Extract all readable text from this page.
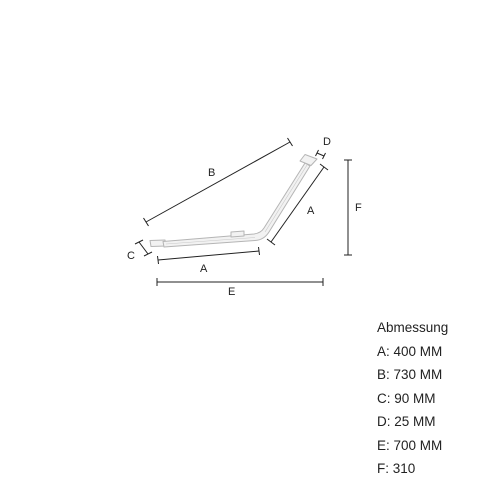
B
D
A	F
C
A
E
Abmessung
A: 400 MM
B: 730 MM
C: 90 MM
D: 25 MM
E: 700 MM
F: 310
